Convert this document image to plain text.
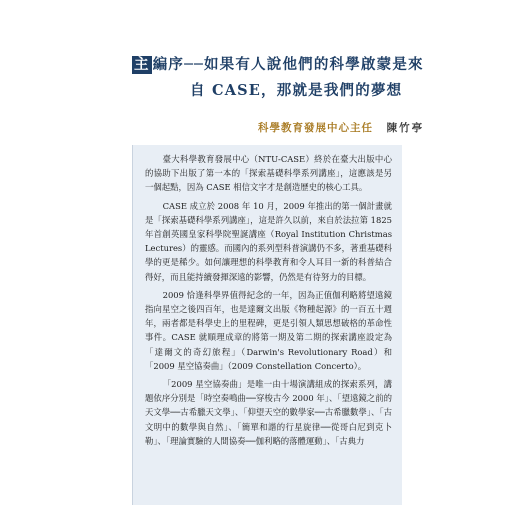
主 編序──如果有人說他們的科學啟蒙是來
自 CASE，那就是我們的夢想
科學教育發展中心主任 陳竹亭

臺大科學教育發展中心（NTU-CASE）終於在臺大出版中心的協助下出版了第一本的「探索基礎科學系列講座」，這應該是另一個起點，因為 CASE 相信文字才是創造歷史的核心工具。

CASE 成立於 2008 年 10 月，2009 年推出的第一個計畫就是「探索基礎科學系列講座」，這是許久以前，來自於法拉第 1825 年首創英國皇家科學院聖誕講座（Royal Institution Christmas Lectures）的靈感。而國內的系列型科普演講仍不多，著重基礎科學的更是稀少。如何讓理想的科學教育和令人耳目一新的科普結合得好，而且能持續發揮深遠的影響，仍然是有待努力的目標。

2009 恰逢科學界值得紀念的一年，因為正值伽利略將望遠鏡指向星空之後四百年，也是達爾文出版《物種起源》的一百五十週年，兩者都是科學史上的里程碑，更是引領人類思想破格的革命性事件。CASE 就順理成章的將第一期及第二期的探索講座設定為「達爾文的奇幻旅程」（Darwin's Revolutionary Road）和「2009 星空協奏曲」（2009 Constellation Concerto）。

「2009 星空協奏曲」是唯一由十場演講組成的探索系列，講題依序分別是「時空奏鳴曲──穿梭古今 2000 年」、「望遠鏡之前的天文學──古希臘天文學」、「仰望天空的數學家──古希臘數學」、「古文明中的數學與自然」、「簡單和諧的行星旋律──從哥白尼到克卜勒」、「理論實驗的人間協奏──伽利略的落體運動」、「古典力
